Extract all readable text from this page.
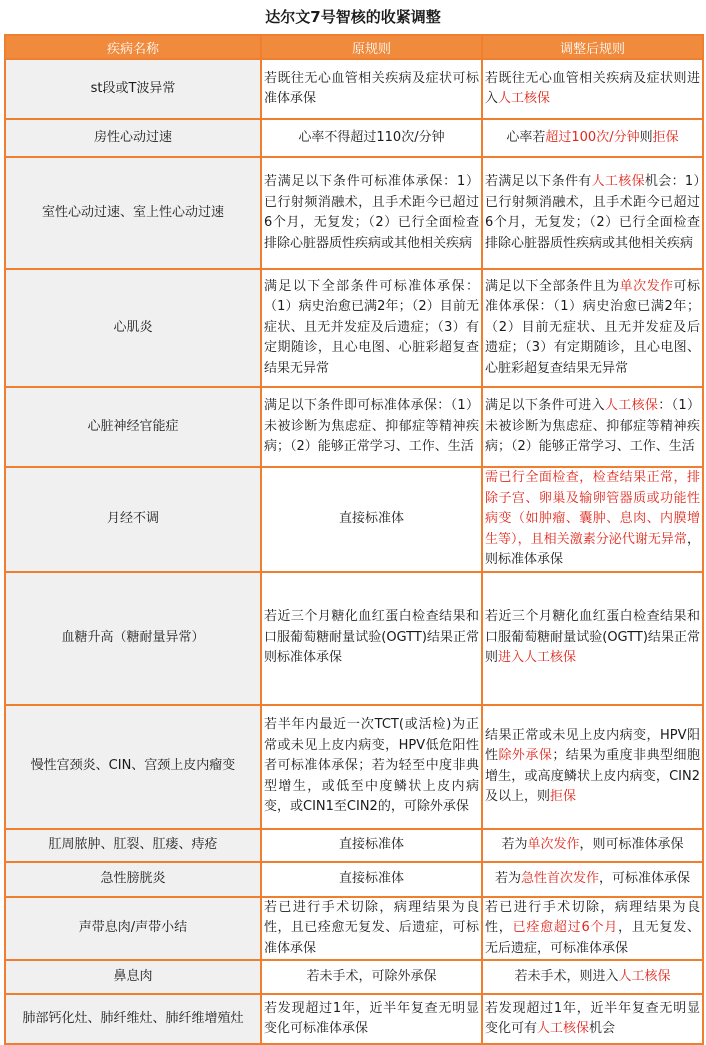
达尔文7号智核的收紧调整
疾病名称	原规则	调整后规则
st段或T波异常	若既往无心血管相关疾病及症状可标准体承保	若既往无心血管相关疾病及症状则进入人工核保
房性心动过速	心率不得超过110次/分钟	心率若超过100次/分钟则拒保
室性心动过速、室上性心动过速	若满足以下条件可标准体承保：1）已行射频消融术，且手术距今已超过6个月，无复发；（2）已行全面检查排除心脏器质性疾病或其他相关疾病	若满足以下条件有人工核保机会：1）已行射频消融术，且手术距今已超过6个月，无复发；（2）已行全面检查排除心脏器质性疾病或其他相关疾病
心肌炎	满足以下全部条件可标准体承保：（1）病史治愈已满2年；（2）目前无症状、且无并发症及后遗症；（3）有定期随诊，且心电图、心脏彩超复查结果无异常	满足以下全部条件且为单次发作可标准体承保：（1）病史治愈已满2年；（2）目前无症状、且无并发症及后遗症；（3）有定期随诊，且心电图、心脏彩超复查结果无异常
心脏神经官能症	满足以下条件即可标准体承保：（1）未被诊断为焦虑症、抑郁症等精神疾病；（2）能够正常学习、工作、生活	满足以下条件可进入人工核保：（1）未被诊断为焦虑症、抑郁症等精神疾病；（2）能够正常学习、工作、生活
月经不调	直接标准体	需已行全面检查，检查结果正常，排除子宫、卵巢及输卵管器质或功能性病变（如肿瘤、囊肿、息肉、内膜增生等），且相关激素分泌代谢无异常，则标准体承保
血糖升高（糖耐量异常）	若近三个月糖化血红蛋白检查结果和口服葡萄糖耐量试验(OGTT)结果正常则标准体承保	若近三个月糖化血红蛋白检查结果和口服葡萄糖耐量试验(OGTT)结果正常则进入人工核保
慢性宫颈炎、CIN、宫颈上皮内瘤变	若半年内最近一次TCT(或活检)为正常或未见上皮内病变，HPV低危阳性者可标准体承保；若为轻至中度非典型增生，或低至中度鳞状上皮内病变，或CIN1至CIN2的，可除外承保	结果正常或未见上皮内病变，HPV阳性除外承保；结果为重度非典型细胞增生，或高度鳞状上皮内病变，CIN2及以上，则拒保
肛周脓肿、肛裂、肛瘘、痔疮	直接标准体	若为单次发作，则可标准体承保
急性膀胱炎	直接标准体	若为急性首次发作，可标准体承保
声带息肉/声带小结	若已进行手术切除，病理结果为良性，且已痊愈无复发、后遗症，可标准体承保	若已进行手术切除，病理结果为良性，已痊愈超过6个月，且无复发、无后遗症，可标准体承保
鼻息肉	若未手术，可除外承保	若未手术，则进入人工核保
肺部钙化灶、肺纤维灶、肺纤维增殖灶	若发现超过1年，近半年复查无明显变化可标准体承保	若发现超过1年，近半年复查无明显变化可有人工核保机会
